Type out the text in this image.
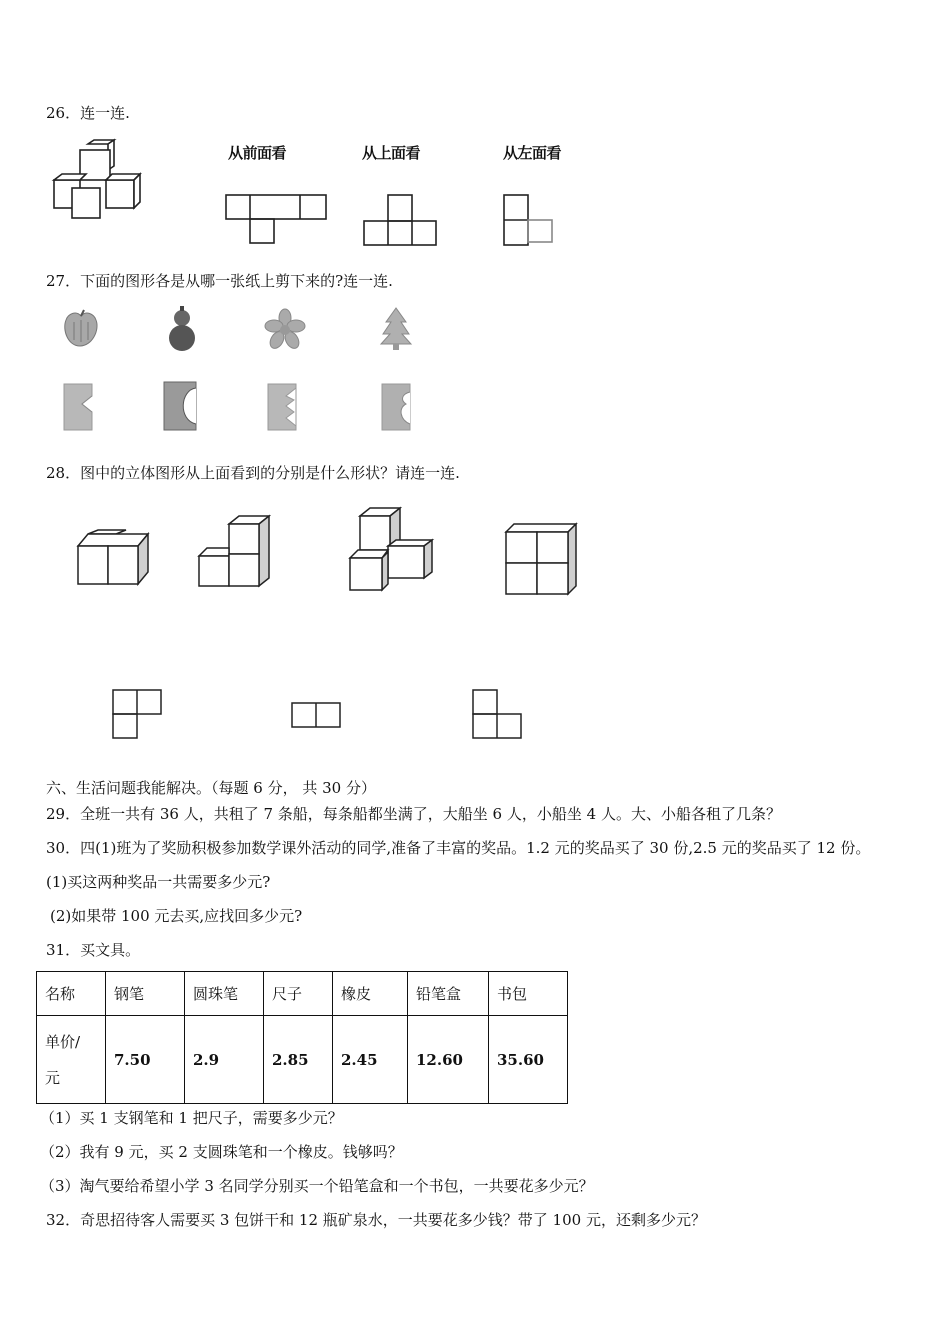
26．连一连.
从前面看	从上面看	从左面看
27．下面的图形各是从哪一张纸上剪下来的?连一连.
28．图中的立体图形从上面看到的分别是什么形状？请连一连.
六、生活问题我能解决。（每题 6 分， 共 30 分）
29．全班一共有 36 人，共租了 7 条船，每条船都坐满了，大船坐 6 人，小船坐 4 人。大、小船各租了几条？
30．四(1)班为了奖励积极参加数学课外活动的同学,准备了丰富的奖品。1.2 元的奖品买了 30 份,2.5 元的奖品买了 12 份。
(1)买这两种奖品一共需要多少元?
(2)如果带 100 元去买,应找回多少元?
31．买文具。
名称	钢笔	圆珠笔	尺子	橡皮	铅笔盒	书包

单价/
元	7.50	2.9	2.85	2.45	12.60	35.60
（1）买 1 支钢笔和 1 把尺子，需要多少元？
（2）我有 9 元，买 2 支圆珠笔和一个橡皮。钱够吗？
（3）淘气要给希望小学 3 名同学分别买一个铅笔盒和一个书包，一共要花多少元？
32．奇思招待客人需要买 3 包饼干和 12 瓶矿泉水，一共要花多少钱？带了 100 元，还剩多少元？
